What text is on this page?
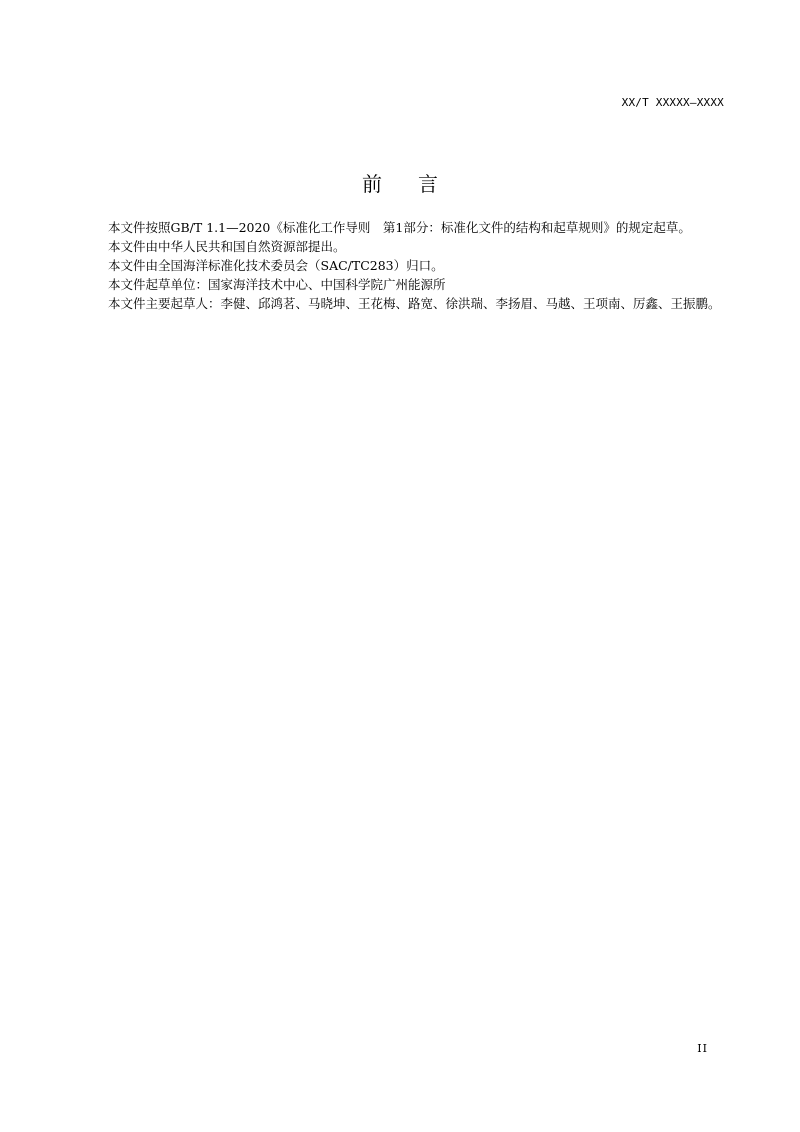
XX/T XXXXX—XXXX
前言

本文件按照GB/T 1.1—2020《标准化工作导则　第1部分：标准化文件的结构和起草规则》的规定起草。

本文件由中华人民共和国自然资源部提出。

本文件由全国海洋标准化技术委员会（SAC/TC283）归口。

本文件起草单位：国家海洋技术中心、中国科学院广州能源所

本文件主要起草人：李健、邱鸿茗、马晓坤、王花梅、路宽、徐洪瑞、李扬眉、马越、王项南、厉鑫、王振鹏。

II
